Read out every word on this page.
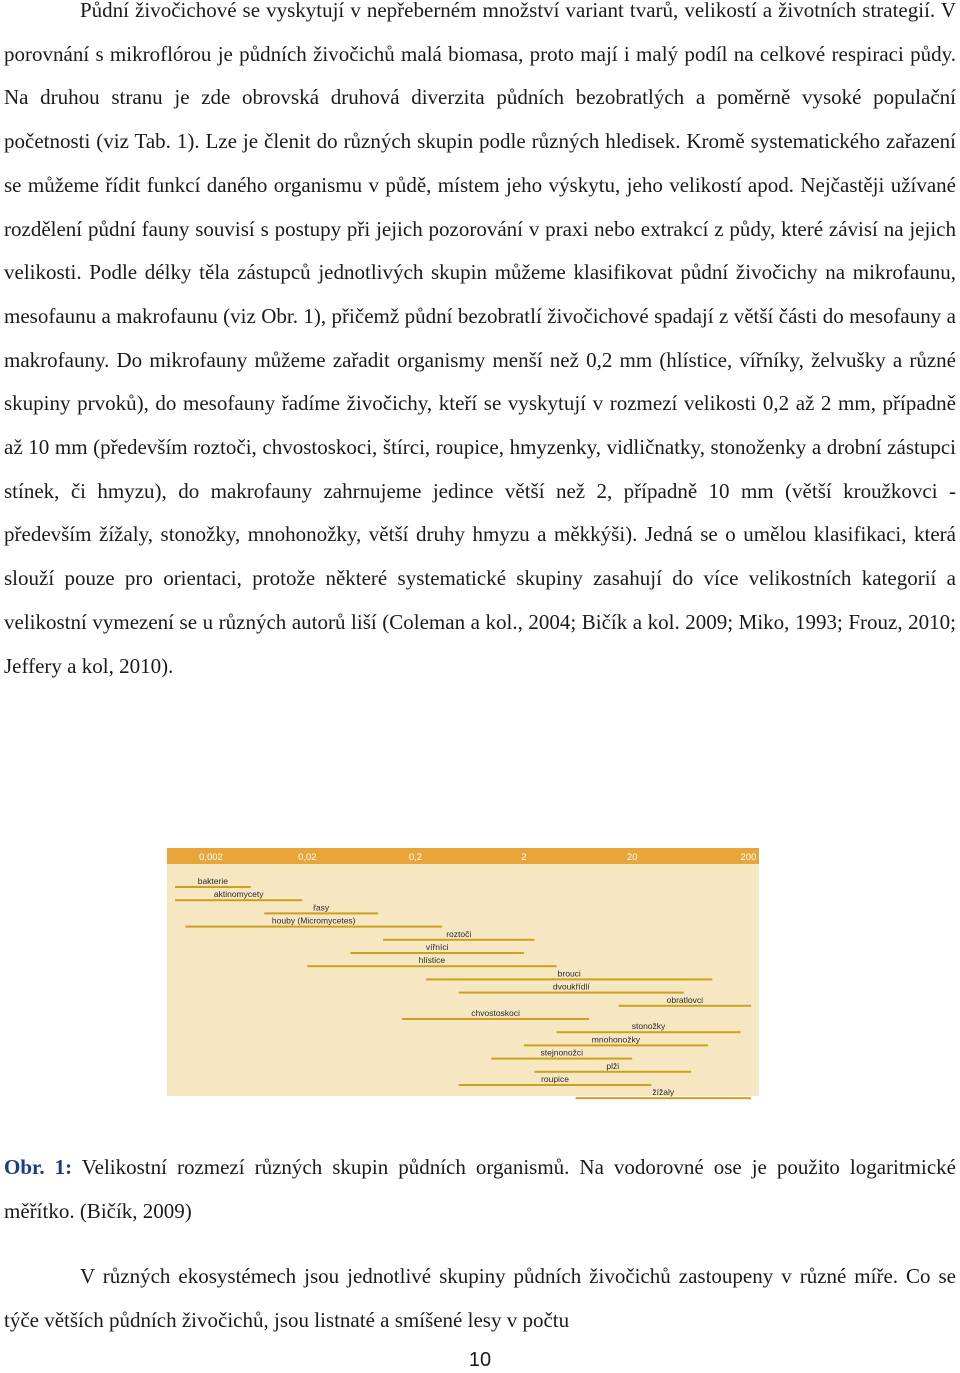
Půdní živočichové se vyskytují v nepřeberném množství variant tvarů, velikostí a životních strategií. V porovnání s mikroflórou je půdních živočichů malá biomasa, proto mají i malý podíl na celkové respiraci půdy. Na druhou stranu je zde obrovská druhová diverzita půdních bezobratlých a poměrně vysoké populační početnosti (viz Tab. 1). Lze je členit do různých skupin podle různých hledisek. Kromě systematického zařazení se můžeme řídit funkcí daného organismu v půdě, místem jeho výskytu, jeho velikostí apod. Nejčastěji užívané rozdělení půdní fauny souvisí s postupy při jejich pozorování v praxi nebo extrakcí z půdy, které závisí na jejich velikosti. Podle délky těla zástupců jednotlivých skupin můžeme klasifikovat půdní živočichy na mikrofaunu, mesofaunu a makrofaunu (viz Obr. 1), přičemž půdní bezobratlí živočichové spadají z větší části do mesofauny a makrofauny. Do mikrofauny můžeme zařadit organismy menší než 0,2 mm (hlístice, vířníky, želvušky a různé skupiny prvoků), do mesofauny řadíme živočichy, kteří se vyskytují v rozmezí velikosti 0,2 až 2 mm, případně až 10 mm (především roztoči, chvostoskoci, štírci, roupice, hmyzenky, vidličnatky, stonoženky a drobní zástupci stínek, či hmyzu), do makrofauny zahrnujeme jedince větší než 2, případně 10 mm (větší kroužkovci - především žížaly, stonožky, mnohonožky, větší druhy hmyzu a měkkýši). Jedná se o umělou klasifikaci, která slouží pouze pro orientaci, protože některé systematické skupiny zasahují do více velikostních kategorií a velikostní vymezení se u různých autorů liší (Coleman a kol., 2004; Bičík a kol. 2009; Miko, 1993; Frouz, 2010; Jeffery a kol, 2010).

0,002	0,02	0,2	2	20	200 (velikost v mm)
bakterie
aktinomycety
řasy
houby (Micromycetes)
roztoči
vířníci
hlístice
brouci
dvoukřídlí
obratlovci
chvostoskoci
stonožky
mnohonožky
stejnonožci
plži
roupice
žížaly

Obr. 1: Velikostní rozmezí různých skupin půdních organismů. Na vodorovné ose je použito logaritmické měřítko. (Bičík, 2009)

V různých ekosystémech jsou jednotlivé skupiny půdních živočichů zastoupeny v různé míře. Co se týče větších půdních živočichů, jsou listnaté a smíšené lesy v počtu

10
